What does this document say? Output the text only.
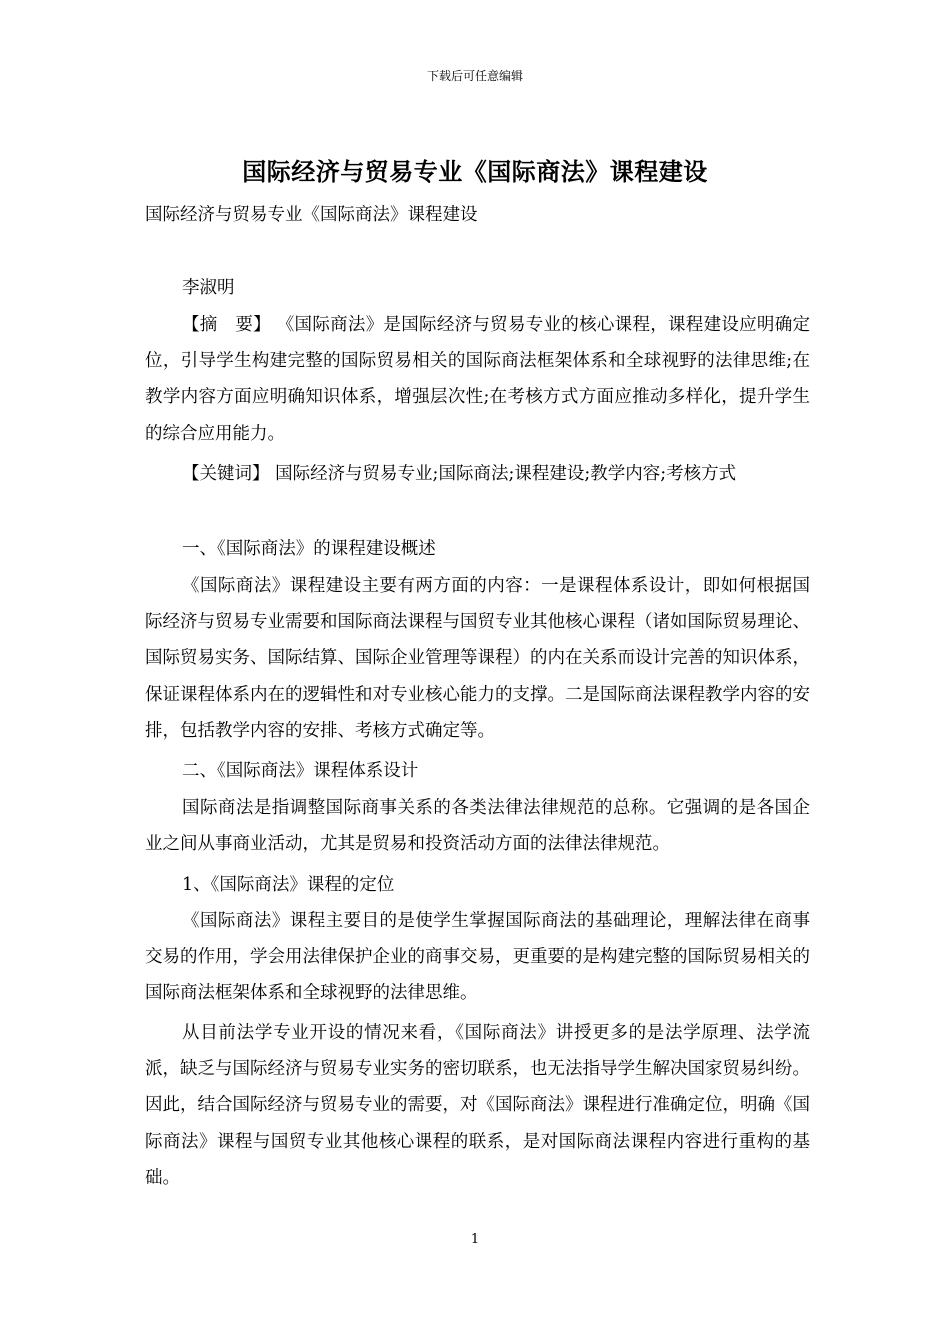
下载后可任意编辑
国际经济与贸易专业《国际商法》课程建设

国际经济与贸易专业《国际商法》课程建设

李淑明

【摘　要】 《国际商法》是国际经济与贸易专业的核心课程，课程建设应明确定位，引导学生构建完整的国际贸易相关的国际商法框架体系和全球视野的法律思维;在教学内容方面应明确知识体系，增强层次性;在考核方式方面应推动多样化，提升学生的综合应用能力。

【关键词】 国际经济与贸易专业;国际商法;课程建设;教学内容;考核方式

一、《国际商法》的课程建设概述

《国际商法》课程建设主要有两方面的内容：一是课程体系设计，即如何根据国际经济与贸易专业需要和国际商法课程与国贸专业其他核心课程（诸如国际贸易理论、国际贸易实务、国际结算、国际企业管理等课程）的内在关系而设计完善的知识体系，保证课程体系内在的逻辑性和对专业核心能力的支撑。二是国际商法课程教学内容的安排，包括教学内容的安排、考核方式确定等。

二、《国际商法》课程体系设计

国际商法是指调整国际商事关系的各类法律法律规范的总称。它强调的是各国企业之间从事商业活动，尤其是贸易和投资活动方面的法律法律规范。

1、《国际商法》课程的定位

《国际商法》课程主要目的是使学生掌握国际商法的基础理论，理解法律在商事交易的作用，学会用法律保护企业的商事交易，更重要的是构建完整的国际贸易相关的国际商法框架体系和全球视野的法律思维。

从目前法学专业开设的情况来看，《国际商法》讲授更多的是法学原理、法学流派，缺乏与国际经济与贸易专业实务的密切联系，也无法指导学生解决国家贸易纠纷。因此，结合国际经济与贸易专业的需要，对《国际商法》课程进行准确定位，明确《国际商法》课程与国贸专业其他核心课程的联系，是对国际商法课程内容进行重构的基础。

1
